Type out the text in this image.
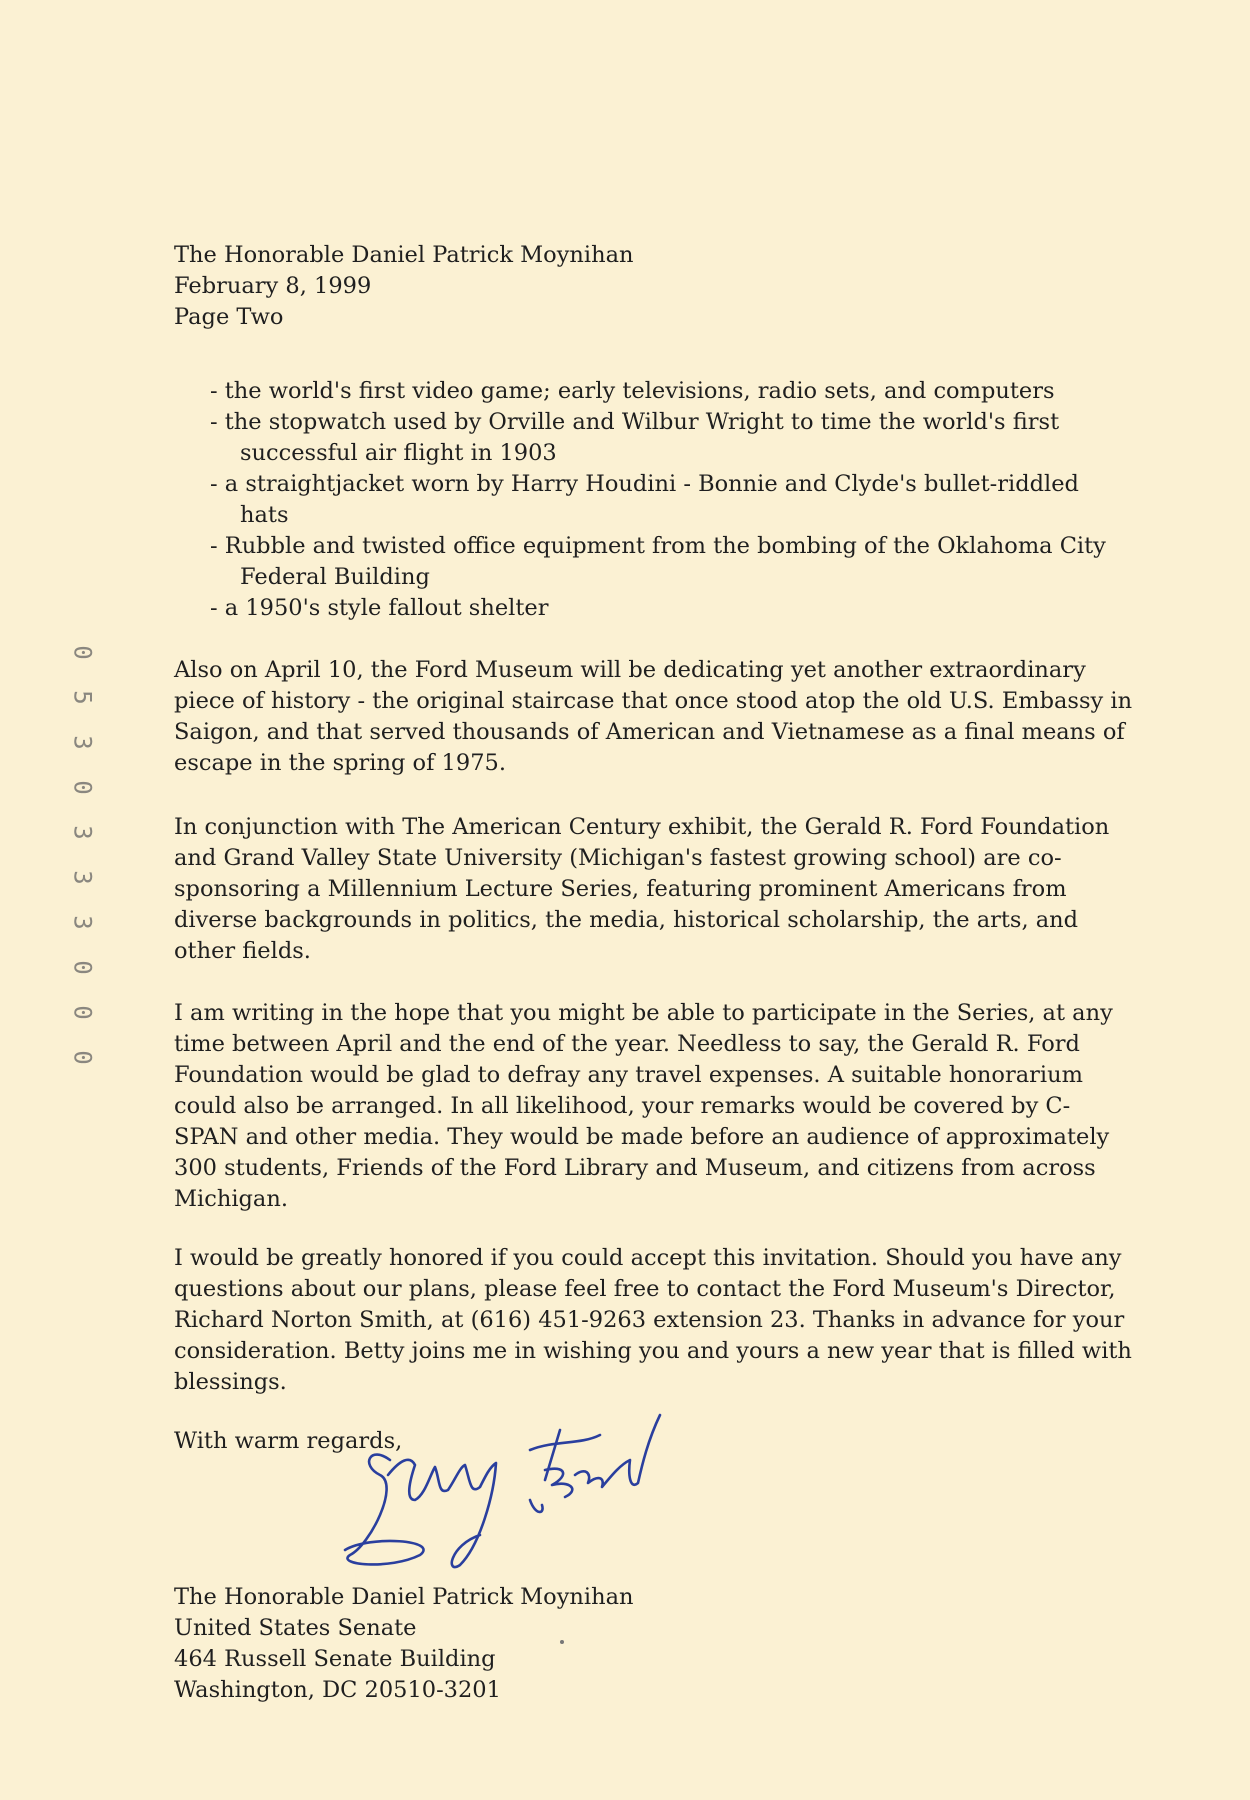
0
5
3
0
3
3
3
0
0
0
The Honorable Daniel Patrick Moynihan
February 8, 1999
Page Two
- the world's first video game; early televisions, radio sets, and computers
- the stopwatch used by Orville and Wilbur Wright to time the world's first successful air flight in 1903
- a straightjacket worn by Harry Houdini - Bonnie and Clyde's bullet-riddled hats
- Rubble and twisted office equipment from the bombing of the Oklahoma City Federal Building
- a 1950's style fallout shelter
Also on April 10, the Ford Museum will be dedicating yet another extraordinary piece of history - the original staircase that once stood atop the old U.S. Embassy in Saigon, and that served thousands of American and Vietnamese as a final means of escape in the spring of 1975.
In conjunction with The American Century exhibit, the Gerald R. Ford Foundation and Grand Valley State University (Michigan's fastest growing school) are co-sponsoring a Millennium Lecture Series, featuring prominent Americans from diverse backgrounds in politics, the media, historical scholarship, the arts, and other fields.
I am writing in the hope that you might be able to participate in the Series, at any time between April and the end of the year. Needless to say, the Gerald R. Ford Foundation would be glad to defray any travel expenses. A suitable honorarium could also be arranged. In all likelihood, your remarks would be covered by C-SPAN and other media. They would be made before an audience of approximately 300 students, Friends of the Ford Library and Museum, and citizens from across Michigan.
I would be greatly honored if you could accept this invitation. Should you have any questions about our plans, please feel free to contact the Ford Museum's Director, Richard Norton Smith, at (616) 451-9263 extension 23. Thanks in advance for your consideration. Betty joins me in wishing you and yours a new year that is filled with blessings.
With warm regards,
The Honorable Daniel Patrick Moynihan
United States Senate
464 Russell Senate Building
Washington, DC 20510-3201
